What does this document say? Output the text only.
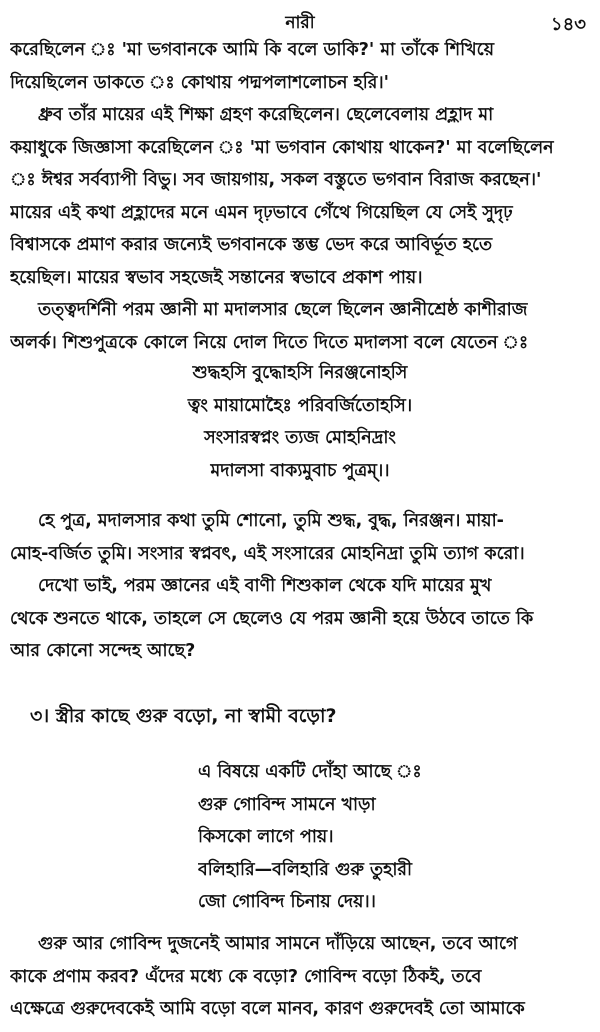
নারী	১৪৩
করেছিলেন ঃ 'মা ভগবানকে আমি কি বলে ডাকি?' মা তাঁকে শিখিয়ে
দিয়েছিলেন ডাকতে ঃ কোথায় পদ্মপলাশলোচন হরি।'
ধ্রুব তাঁর মায়ের এই শিক্ষা গ্রহণ করেছিলেন। ছেলেবেলায় প্রহ্লাদ মা
কয়াধুকে জিজ্ঞাসা করেছিলেন ঃ 'মা ভগবান কোথায় থাকেন?' মা বলেছিলেন
ঃ ঈশ্বর সর্বব্যাপী বিভু। সব জায়গায়, সকল বস্তুতে ভগবান বিরাজ করছেন।'
মায়ের এই কথা প্রহ্লাদের মনে এমন দৃঢ়ভাবে গেঁথে গিয়েছিল যে সেই সুদৃঢ়
বিশ্বাসকে প্রমাণ করার জন্যেই ভগবানকে স্তম্ভ ভেদ করে আবির্ভূত হতে
হয়েছিল। মায়ের স্বভাব সহজেই সন্তানের স্বভাবে প্রকাশ পায়।
তত্ত্বদর্শিনী পরম জ্ঞানী মা মদালসার ছেলে ছিলেন জ্ঞানীশ্রেষ্ঠ কাশীরাজ
অলর্ক। শিশুপুত্রকে কোলে নিয়ে দোল দিতে দিতে মদালসা বলে যেতেন ঃ
শুদ্ধহসি বুদ্ধোহসি নিরঞ্জনোহসি
ত্বং মায়ামোহৈঃ পরিবর্জিতোহসি।
সংসারস্বপ্নং ত্যজ মোহনিদ্রাং
মদালসা বাক্যমুবাচ পুত্রম্।।
হে পুত্র, মদালসার কথা তুমি শোনো, তুমি শুদ্ধ, বুদ্ধ, নিরঞ্জন। মায়া-
মোহ-বর্জিত তুমি। সংসার স্বপ্নবৎ, এই সংসারের মোহনিদ্রা তুমি ত্যাগ করো।
দেখো ভাই, পরম জ্ঞানের এই বাণী শিশুকাল থেকে যদি মায়ের মুখ
থেকে শুনতে থাকে, তাহলে সে ছেলেও যে পরম জ্ঞানী হয়ে উঠবে তাতে কি
আর কোনো সন্দেহ আছে?
৩। স্ত্রীর কাছে গুরু বড়ো, না স্বামী বড়ো?
এ বিষয়ে একটি দোঁহা আছে ঃ
গুরু গোবিন্দ সামনে খাড়া
কিসকো লাগে পায়।
বলিহারি—বলিহারি গুরু তুহারী
জো গোবিন্দ চিনায় দেয়।।
গুরু আর গোবিন্দ দুজনেই আমার সামনে দাঁড়িয়ে আছেন, তবে আগে
কাকে প্রণাম করব? এঁদের মধ্যে কে বড়ো? গোবিন্দ বড়ো ঠিকই, তবে
এক্ষেত্রে গুরুদেবকেই আমি বড়ো বলে মানব, কারণ গুরুদেবই তো আমাকে
